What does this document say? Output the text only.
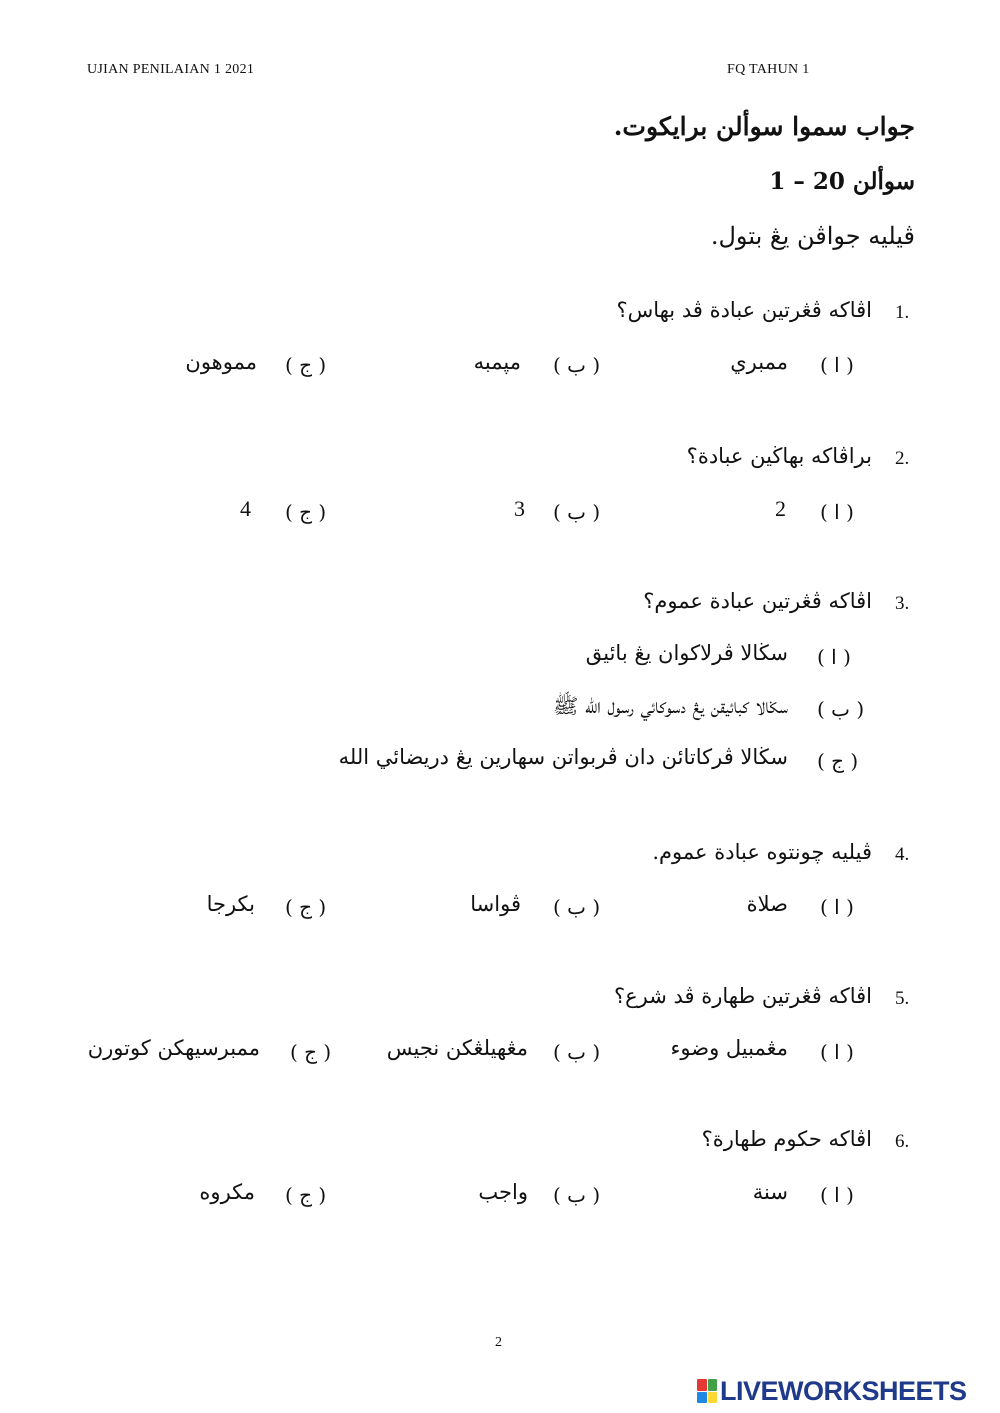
UJIAN PENILAIAN 1 2021	FQ TAHUN 1
جواب سموا سوألن برايكوت.
سوألن 20 – 1
ڤيليه جواڤن يڠ بتول.
1.
اڤاكه ڤڠرتين عبادة ڤد بهاس؟
( ا )
ممبري
( ب )
مپمبه
( ج )
مموهون
2.
براڤاكه بهاڬين عبادة؟
( ا )
2
( ب )
3
( ج )
4
3.
اڤاكه ڤڠرتين عبادة عموم؟
( ا )
سڬالا ڤرلاكوان يڠ بائيق
( ب )
سڬالا كبائيقن يڠ دسوكائي رسول الله ﷺ
( ج )
سڬالا ڤركاتائن دان ڤربواتن سهارين يڠ دريضائي الله
4.
ڤيليه چونتوه عبادة عموم.
( ا )
صلاة
( ب )
ڤواسا
( ج )
بكرجا
5.
اڤاكه ڤڠرتين طهارة ڤد شرع؟
( ا )
مڠمبيل وضوء
( ب )
مڠهيلڠكن نجيس
( ج )
ممبرسيهكن كوتورن
6.
اڤاكه حكوم طهارة؟
( ا )
سنة
( ب )
واجب
( ج )
مكروه
2
LIVEWORKSHEETS
